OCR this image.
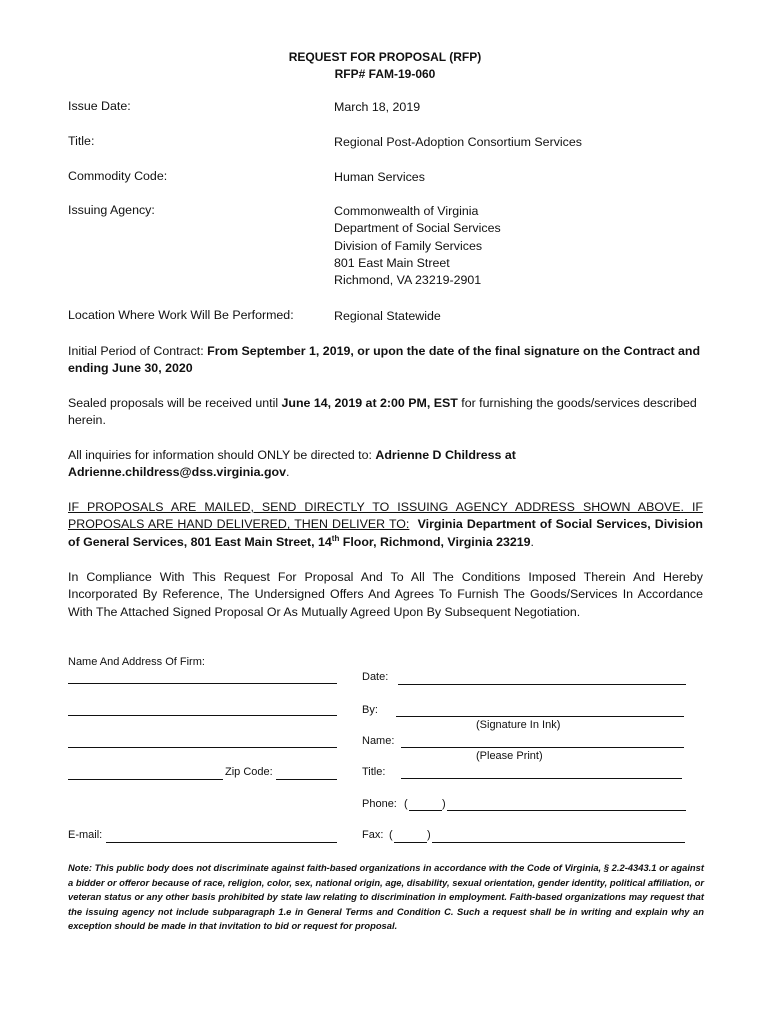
REQUEST FOR PROPOSAL (RFP)
RFP# FAM-19-060
Issue Date:	March 18, 2019
Title:	Regional Post-Adoption Consortium Services
Commodity Code:	Human Services
Issuing Agency:	Commonwealth of Virginia
Department of Social Services
Division of Family Services
801 East Main Street
Richmond, VA 23219-2901
Location Where Work Will Be Performed:	Regional Statewide
Initial Period of Contract: From September 1, 2019, or upon the date of the final signature on the Contract and ending June 30, 2020
Sealed proposals will be received until June 14, 2019 at 2:00 PM, EST for furnishing the goods/services described herein.
All inquiries for information should ONLY be directed to: Adrienne D Childress at Adrienne.childress@dss.virginia.gov.
IF PROPOSALS ARE MAILED, SEND DIRECTLY TO ISSUING AGENCY ADDRESS SHOWN ABOVE. IF PROPOSALS ARE HAND DELIVERED, THEN DELIVER TO: Virginia Department of Social Services, Division of General Services, 801 East Main Street, 14th Floor, Richmond, Virginia 23219.
In Compliance With This Request For Proposal And To All The Conditions Imposed Therein And Hereby Incorporated By Reference, The Undersigned Offers And Agrees To Furnish The Goods/Services In Accordance With The Attached Signed Proposal Or As Mutually Agreed Upon By Subsequent Negotiation.
Name And Address Of Firm:
Zip Code:
E-mail:
Date:
By:
(Signature In Ink)
Name:
(Please Print)
Title:
Phone: (	)
Fax: (	)
Note: This public body does not discriminate against faith-based organizations in accordance with the Code of Virginia, § 2.2-4343.1 or against a bidder or offeror because of race, religion, color, sex, national origin, age, disability, sexual orientation, gender identity, political affiliation, or veteran status or any other basis prohibited by state law relating to discrimination in employment. Faith-based organizations may request that the issuing agency not include subparagraph 1.e in General Terms and Condition C. Such a request shall be in writing and explain why an exception should be made in that invitation to bid or request for proposal.
